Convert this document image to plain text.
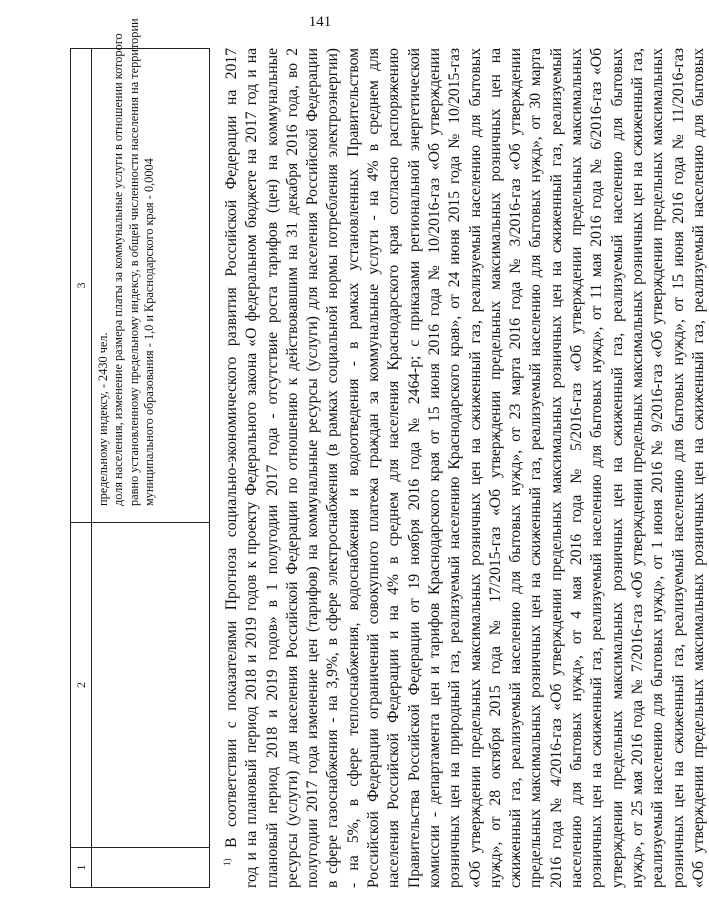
141
1
2
3
предельному индексу, - 2430 чел. доля населения, изменение размера платы за коммунальные услуги в отношении которого равно установленному предельному индексу, в общей численности населения на территории муниципального образования - 1,0 и Краснодарского края - 0,0004
$^{1)}$ В соответствии с показателями Прогноза социально-экономического развития Российской Федерации на 2017 год и на плановый период 2018 и 2019 годов к проекту Федерального закона «О федеральном бюджете на 2017 год и на плановый период 2018 и 2019 годов» в 1 полугодии 2017 года - отсутствие роста тарифов (цен) на коммунальные ресурсы (услуги) для населения Российской Федерации по отношению к действовавшим на 31 декабря 2016 года, во 2 полугодии 2017 года изменение цен (тарифов) на коммунальные ресурсы (услуги) для населения Российской Федерации в сфере газоснабжения - на 3,9%, в сфере электроснабжения (в рамках социальной нормы потребления электроэнергии) - на 5%, в сфере теплоснабжения, водоснабжения и водоотведения - в рамках установленных Правительством Российской Федерации ограничений совокупного платежа граждан за коммунальные услуги - на 4% в среднем для населения Российской Федерации и на 4% в среднем для населения Краснодарского края согласно распоряжению Правительства Российской Федерации от 19 ноября 2016 года № 2464-р; с приказами региональной энергетической комиссии - департамента цен и тарифов Краснодарского края от 15 июня 2016 года № 10/2016-газ «Об утверждении розничных цен на природный газ, реализуемый населению Краснодарского края», от 24 июня 2015 года № 10/2015-газ «Об утверждении предельных максимальных розничных цен на сжиженный газ, реализуемый населению для бытовых нужд», от 28 октября 2015 года № 17/2015-газ «Об утверждении предельных максимальных розничных цен на сжиженный газ, реализуемый населению для бытовых нужд», от 23 марта 2016 года № 3/2016-газ «Об утверждении предельных максимальных розничных цен на сжиженный газ, реализуемый населению для бытовых нужд», от 30 марта 2016 года № 4/2016-газ «Об утверждении предельных максимальных розничных цен на сжиженный газ, реализуемый населению для бытовых нужд», от 4 мая 2016 года № 5/2016-газ «Об утверждении предельных максимальных розничных цен на сжиженный газ, реализуемый населению для бытовых нужд», от 11 мая 2016 года № 6/2016-газ «Об утверждении предельных максимальных розничных цен на сжиженный газ, реализуемый населению для бытовых нужд», от 25 мая 2016 года № 7/2016-газ «Об утверждении предельных максимальных розничных цен на сжиженный газ, реализуемый населению для бытовых нужд», от 1 июня 2016 № 9/2016-газ «Об утверждении предельных максимальных розничных цен на сжиженный газ, реализуемый населению для бытовых нужд», от 15 июня 2016 года № 11/2016-газ «Об утверждении предельных максимальных розничных цен на сжиженный газ, реализуемый населению для бытовых
